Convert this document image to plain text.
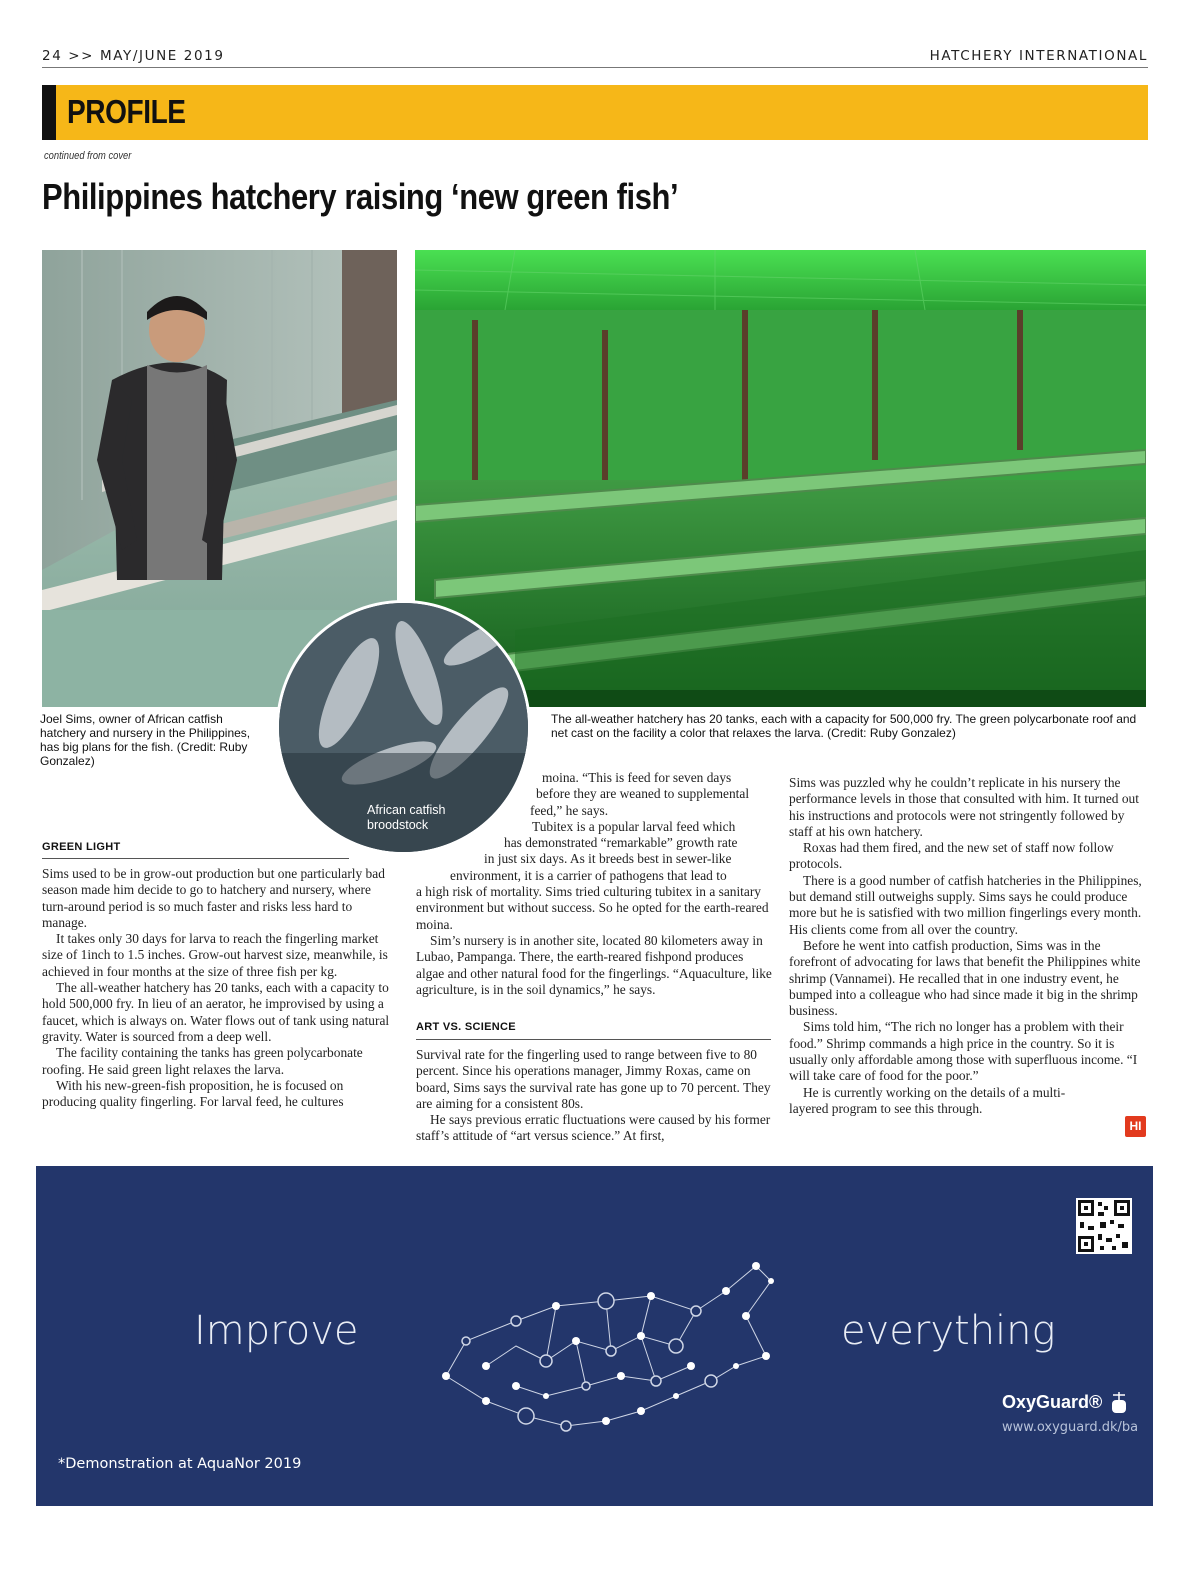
24 >> MAY/JUNE 2019	HATCHERY INTERNATIONAL
PROFILE
continued from cover
Philippines hatchery raising ‘new green fish’
African catfish
broodstock
Joel Sims, owner of African catfish hatchery and nursery in the Philippines, has big plans for the fish. (Credit: Ruby Gonzalez)
The all-weather hatchery has 20 tanks, each with a capacity for 500,000 fry. The green polycarbonate roof and net cast on the facility a color that relaxes the larva. (Credit: Ruby Gonzalez)
GREEN LIGHT
ART VS. SCIENCE

Sims used to be in grow-out production but one particularly bad season made him decide to go to hatchery and nursery, where turn-around period is so much faster and risks less hard to manage.

It takes only 30 days for larva to reach the fingerling market size of 1inch to 1.5 inches. Grow-out harvest size, meanwhile, is achieved in four months at the size of three fish per kg.

The all-weather hatchery has 20 tanks, each with a capacity to hold 500,000 fry. In lieu of an aerator, he improvised by using a faucet, which is always on. Water flows out of tank using natural gravity. Water is sourced from a deep well.

The facility containing the tanks has green polycarbonate roofing. He said green light relaxes the larva.

With his new-green-fish proposition, he is focused on producing quality fingerling. For larval feed, he cultures

moina. “This is feed for seven days
before they are weaned to supplemental
feed,” he says.
Tubitex is a popular larval feed which
has demonstrated “remarkable” growth rate
in just six days. As it breeds best in sewer-like
environment, it is a carrier of pathogens that lead to

a high risk of mortality. Sims tried culturing tubitex in a sanitary environment but without success. So he opted for the earth-reared moina.

Sim’s nursery is in another site, located 80 kilometers away in Lubao, Pampanga. There, the earth-reared fishpond produces algae and other natural food for the fingerlings. “Aquaculture, like agriculture, is in the soil dynamics,” he says.

Survival rate for the fingerling used to range between five to 80 percent. Since his operations manager, Jimmy Roxas, came on board, Sims says the survival rate has gone up to 70 percent. They are aiming for a consistent 80s.

He says previous erratic fluctuations were caused by his former staff’s attitude of “art versus science.” At first,

Sims was puzzled why he couldn’t replicate in his nursery the performance levels in those that consulted with him. It turned out his instructions and protocols were not stringently followed by staff at his own hatchery.

Roxas had them fired, and the new set of staff now follow protocols.

There is a good number of catfish hatcheries in the Philippines, but demand still outweighs supply. Sims says he could produce more but he is satisfied with two million fingerlings every month. His clients come from all over the country.

Before he went into catfish production, Sims was in the forefront of advocating for laws that benefit the Philippines white shrimp (Vannamei). He recalled that in one industry event, he bumped into a colleague who had since made it big in the shrimp business.

Sims told him, “The rich no longer has a problem with their food.” Shrimp commands a high price in the country. So it is usually only affordable among those with superfluous income. “I will take care of food for the poor.”

He is currently working on the details of a multi-layered program to see this through.

HI
Improve	everything
*Demonstration at AquaNor 2019
OxyGuard®
www.oxyguard.dk/ba
